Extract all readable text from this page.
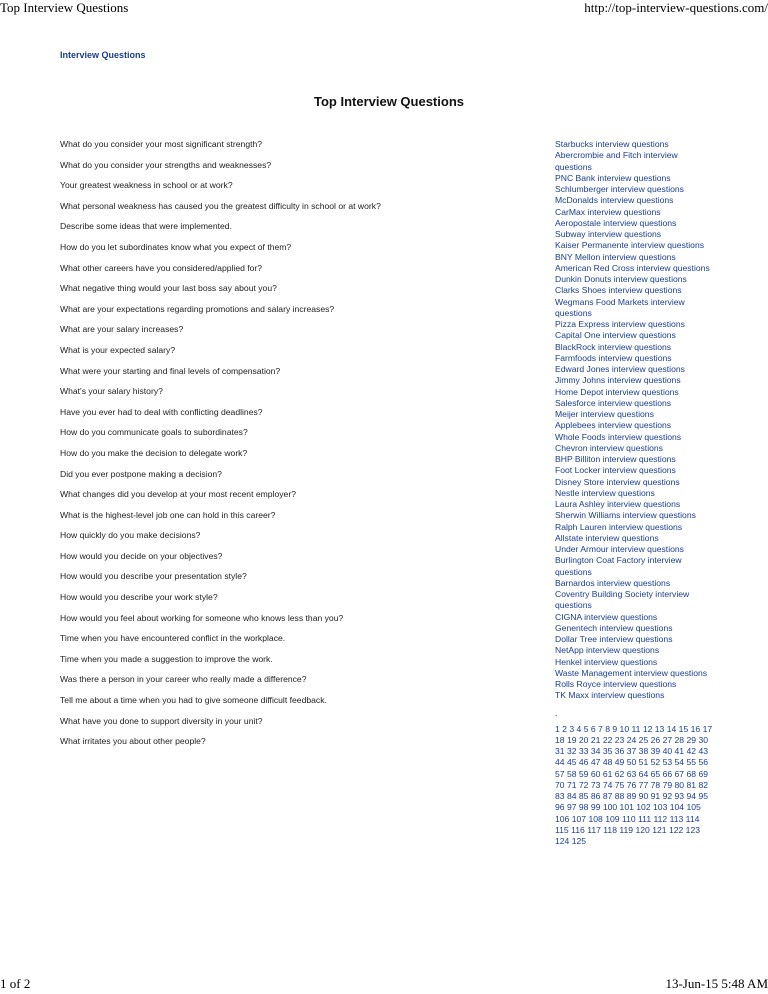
Top Interview Questions	http://top-interview-questions.com/
Interview Questions
Top Interview Questions
What do you consider your most significant strength?
What do you consider your strengths and weaknesses?
Your greatest weakness in school or at work?
What personal weakness has caused you the greatest difficulty in school or at work?
Describe some ideas that were implemented.
How do you let subordinates know what you expect of them?
What other careers have you considered/applied for?
What negative thing would your last boss say about you?
What are your expectations regarding promotions and salary increases?
What are your salary increases?
What is your expected salary?
What were your starting and final levels of compensation?
What's your salary history?
Have you ever had to deal with conflicting deadlines?
How do you communicate goals to subordinates?
How do you make the decision to delegate work?
Did you ever postpone making a decision?
What changes did you develop at your most recent employer?
What is the highest-level job one can hold in this career?
How quickly do you make decisions?
How would you decide on your objectives?
How would you describe your presentation style?
How would you describe your work style?
How would you feel about working for someone who knows less than you?
Time when you have encountered conflict in the workplace.
Time when you made a suggestion to improve the work.
Was there a person in your career who really made a difference?
Tell me about a time when you had to give someone difficult feedback.
What have you done to support diversity in your unit?
What irritates you about other people?
Starbucks interview questions
Abercrombie and Fitch interview questions
PNC Bank interview questions
Schlumberger interview questions
McDonalds interview questions
CarMax interview questions
Aeropostale interview questions
Subway interview questions
Kaiser Permanente interview questions
BNY Mellon interview questions
American Red Cross interview questions
Dunkin Donuts interview questions
Clarks Shoes interview questions
Wegmans Food Markets interview questions
Pizza Express interview questions
Capital One interview questions
BlackRock interview questions
Farmfoods interview questions
Edward Jones interview questions
Jimmy Johns interview questions
Home Depot interview questions
Salesforce interview questions
Meijer interview questions
Applebees interview questions
Whole Foods interview questions
Chevron interview questions
BHP Billiton interview questions
Foot Locker interview questions
Disney Store interview questions
Nestle interview questions
Laura Ashley interview questions
Sherwin Williams interview questions
Ralph Lauren interview questions
Allstate interview questions
Under Armour interview questions
Burlington Coat Factory interview questions
Barnardos interview questions
Coventry Building Society interview questions
CIGNA interview questions
Genentech interview questions
Dollar Tree interview questions
NetApp interview questions
Henkel interview questions
Waste Management interview questions
Rolls Royce interview questions
TK Maxx interview questions
.
1 2 3 4 5 6 7 8 9 10 11 12 13 14 15 16 17 18 19 20 21 22 23 24 25 26 27 28 29 30 31 32 33 34 35 36 37 38 39 40 41 42 43 44 45 46 47 48 49 50 51 52 53 54 55 56 57 58 59 60 61 62 63 64 65 66 67 68 69 70 71 72 73 74 75 76 77 78 79 80 81 82 83 84 85 86 87 88 89 90 91 92 93 94 95 96 97 98 99 100 101 102 103 104 105 106 107 108 109 110 111 112 113 114 115 116 117 118 119 120 121 122 123 124 125
1 of 2	13-Jun-15 5:48 AM
